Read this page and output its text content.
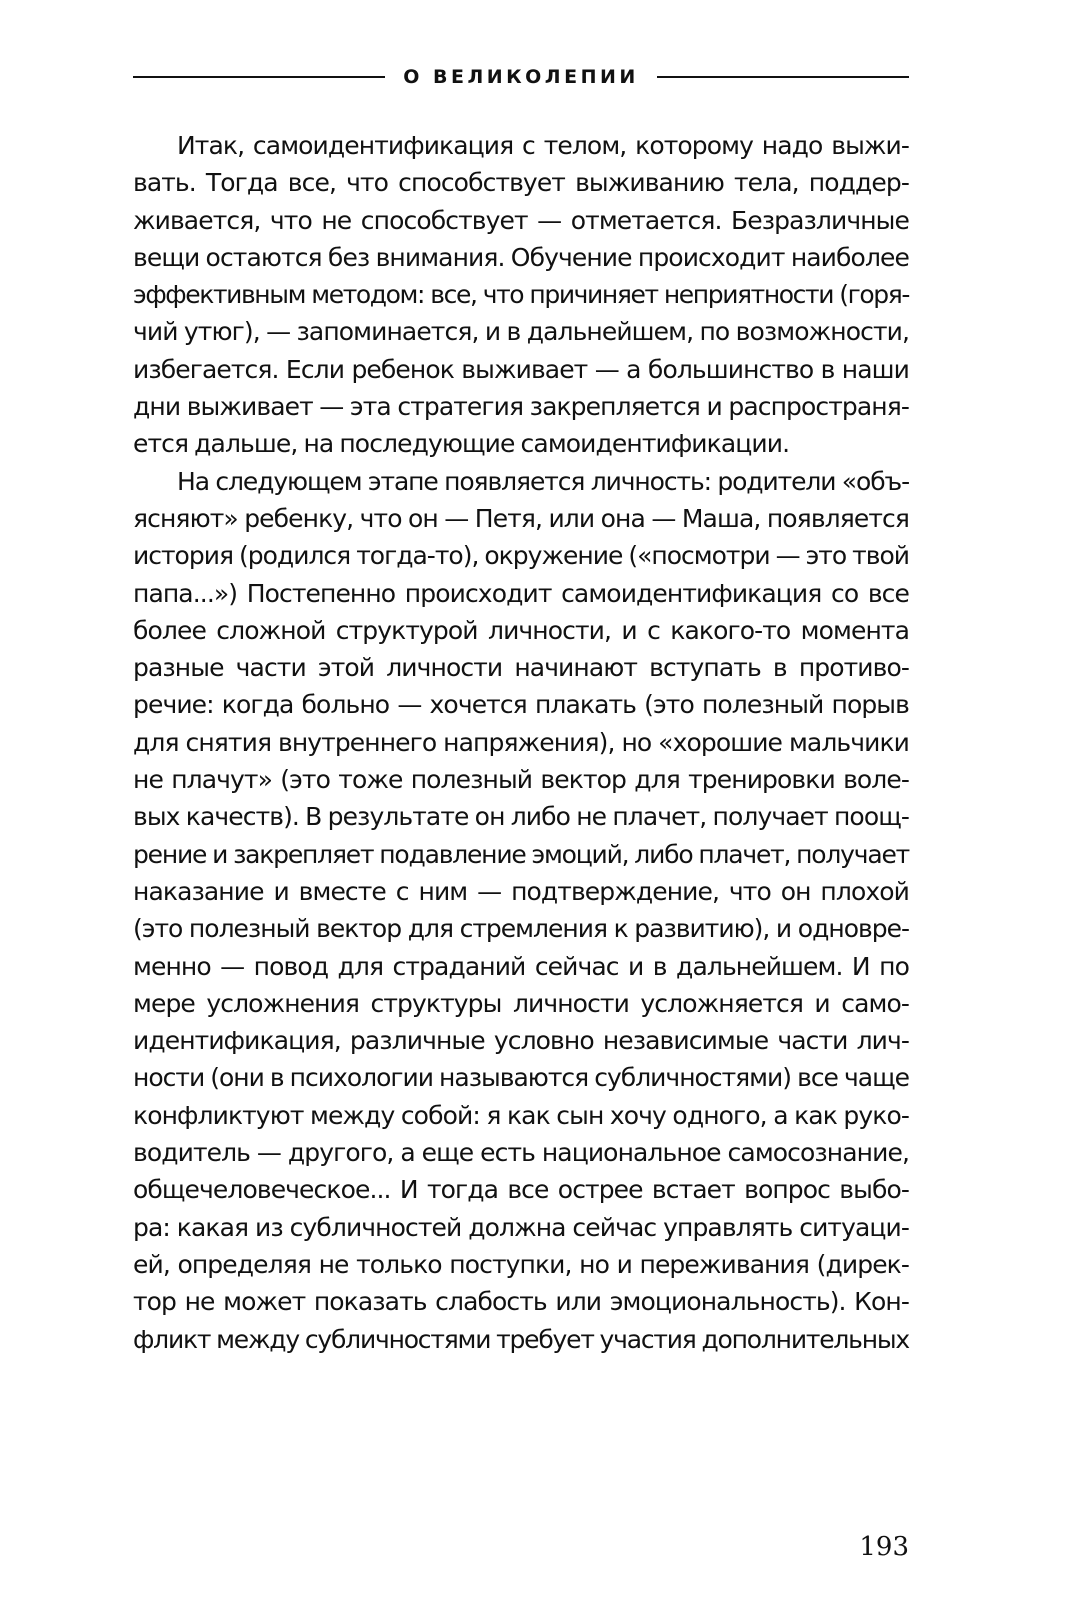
О ВЕЛИКОЛЕПИИ
Итак, самоидентификация с телом, которому надо выжи-
вать. Тогда все, что способствует выживанию тела, поддер-
живается, что не способствует — отметается. Безразличные
вещи остаются без внимания. Обучение происходит наиболее
эффективным методом: все, что причиняет неприятности (горя-
чий утюг), — запоминается, и в дальнейшем, по возможности,
избегается. Если ребенок выживает — а большинство в наши
дни выживает — эта стратегия закрепляется и распространя-
ется дальше, на последующие самоидентификации.
На следующем этапе появляется личность: родители «объ-
ясняют» ребенку, что он — Петя, или она — Маша, появляется
история (родился тогда-то), окружение («посмотри — это твой
папа...») Постепенно происходит самоидентификация со все
более сложной структурой личности, и с какого-то момента
разные части этой личности начинают вступать в противо-
речие: когда больно — хочется плакать (это полезный порыв
для снятия внутреннего напряжения), но «хорошие мальчики
не плачут» (это тоже полезный вектор для тренировки воле-
вых качеств). В результате он либо не плачет, получает поощ-
рение и закрепляет подавление эмоций, либо плачет, получает
наказание и вместе с ним — подтверждение, что он плохой
(это полезный вектор для стремления к развитию), и одновре-
менно — повод для страданий сейчас и в дальнейшем. И по
мере усложнения структуры личности усложняется и само-
идентификация, различные условно независимые части лич-
ности (они в психологии называются субличностями) все чаще
конфликтуют между собой: я как сын хочу одного, а как руко-
водитель — другого, а еще есть национальное самосознание,
общечеловеческое... И тогда все острее встает вопрос выбо-
ра: какая из субличностей должна сейчас управлять ситуаци-
ей, определяя не только поступки, но и переживания (дирек-
тор не может показать слабость или эмоциональность). Кон-
фликт между субличностями требует участия дополнительных
193
